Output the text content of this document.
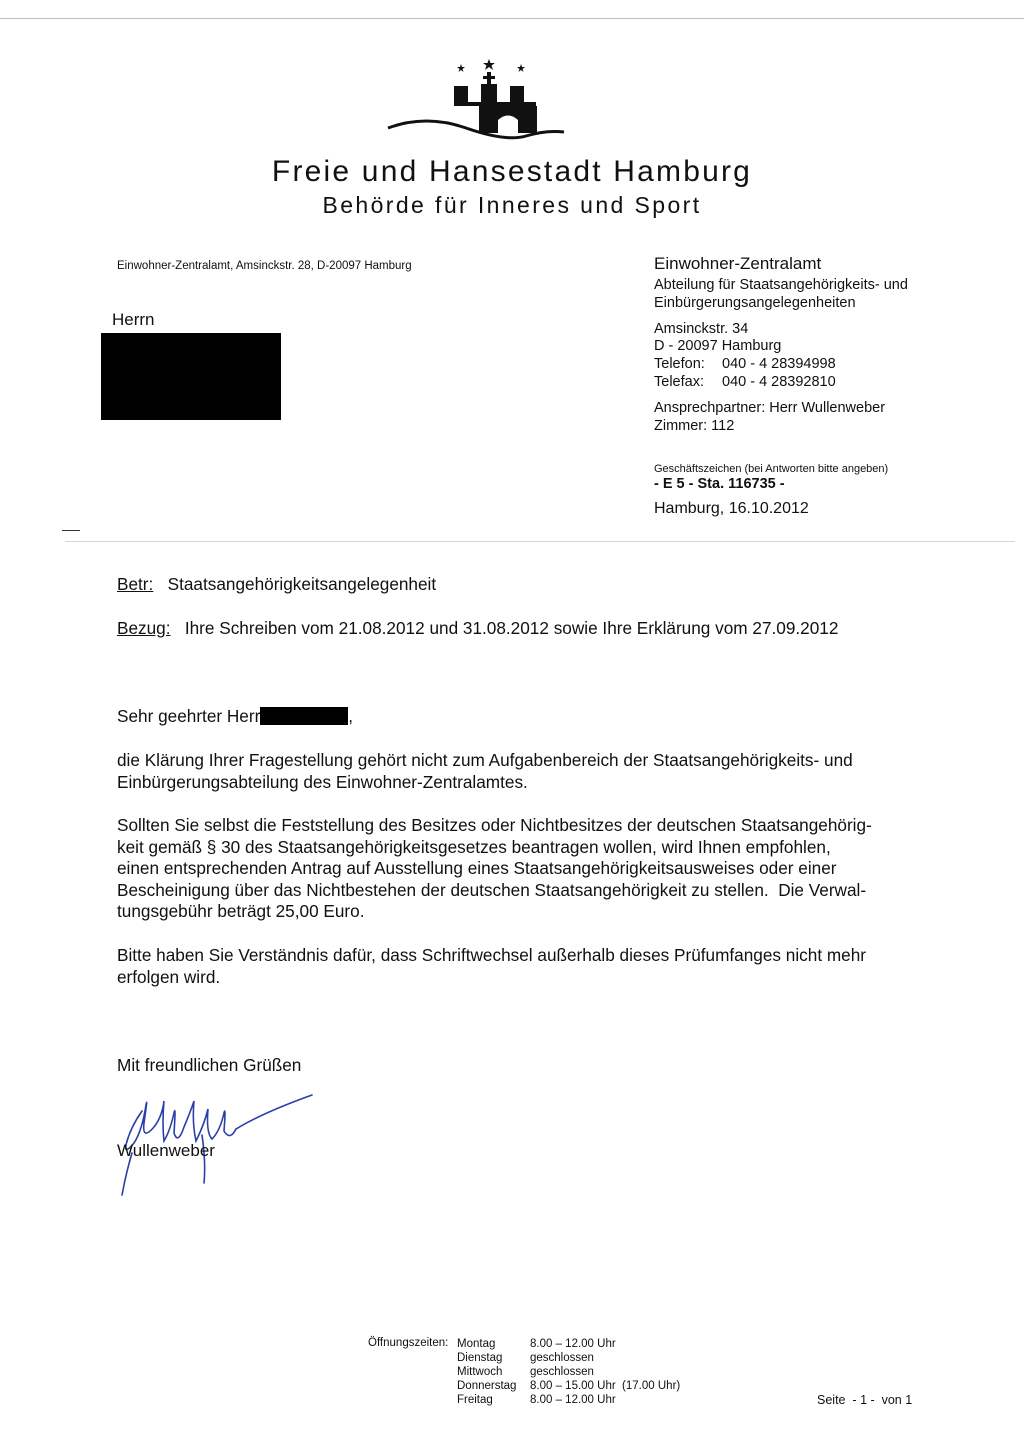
Freie und Hansestadt Hamburg
Behörde für Inneres und Sport
Einwohner-Zentralamt, Amsinckstr. 28, D-20097 Hamburg
Herrn
Einwohner-Zentralamt
Abteilung für Staatsangehörigkeits- und
Einbürgerungsangelegenheiten
Amsinckstr. 34
D - 20097 Hamburg
Telefon: 040 - 4 28394998
Telefax: 040 - 4 28392810
Ansprechpartner: Herr Wullenweber
Zimmer: 112
Geschäftszeichen (bei Antworten bitte angeben)
- E 5 - Sta. 116735 -
Hamburg, 16.10.2012
Betr: Staatsangehörigkeitsangelegenheit
Bezug: Ihre Schreiben vom 21.08.2012 und 31.08.2012 sowie Ihre Erklärung vom 27.09.2012
Sehr geehrter Herr	,
die Klärung Ihrer Fragestellung gehört nicht zum Aufgabenbereich der Staatsangehörigkeits- und
Einbürgerungsabteilung des Einwohner-Zentralamtes.
Sollten Sie selbst die Feststellung des Besitzes oder Nichtbesitzes der deutschen Staatsangehörig-
keit gemäß § 30 des Staatsangehörigkeitsgesetzes beantragen wollen, wird Ihnen empfohlen,
einen entsprechenden Antrag auf Ausstellung eines Staatsangehörigkeitsausweises oder einer
Bescheinigung über das Nichtbestehen der deutschen Staatsangehörigkeit zu stellen.  Die Verwal-
tungsgebühr beträgt 25,00 Euro.
Bitte haben Sie Verständnis dafür, dass Schriftwechsel außerhalb dieses Prüfumfanges nicht mehr
erfolgen wird.
Mit freundlichen Grüßen
Wullenweber
Öffnungszeiten: Montag	8.00 – 12.00 Uhr
Dienstag geschlossen
Mittwoch geschlossen
Donnerstag 8.00 – 15.00 Uhr  (17.00 Uhr)
Freitag	8.00 – 12.00 Uhr	Seite  - 1 -  von 1
